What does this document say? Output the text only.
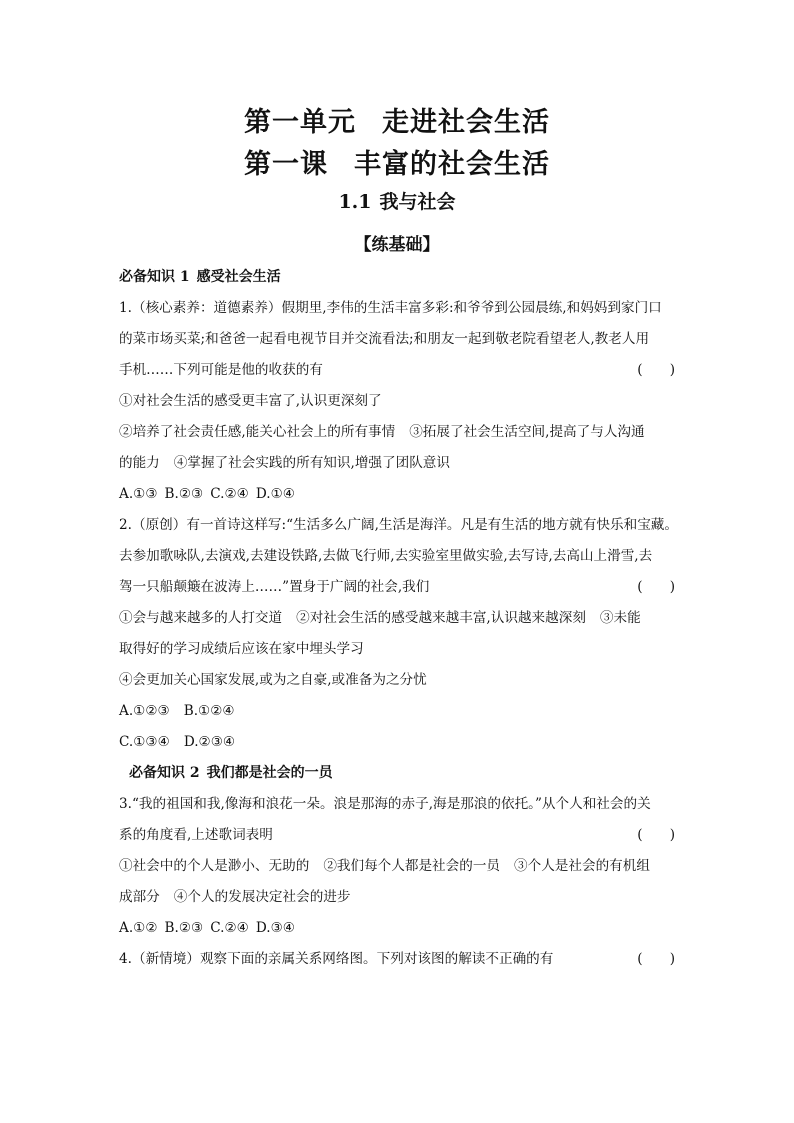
第一单元 走进社会生活
第一课 丰富的社会生活
1.1 我与社会
【练基础】
必备知识 1 感受社会生活
1.（核心素养：道德素养）假期里,李伟的生活丰富多彩:和爷爷到公园晨练,和妈妈到家门口
的菜市场买菜;和爸爸一起看电视节目并交流看法;和朋友一起到敬老院看望老人,教老人用
手机……下列可能是他的收获的有	(　　)
①对社会生活的感受更丰富了,认识更深刻了
②培养了社会责任感,能关心社会上的所有事情 ③拓展了社会生活空间,提高了与人沟通
的能力 ④掌握了社会实践的所有知识,增强了团队意识
A.①③ B.②③ C.②④ D.①④
2.（原创）有一首诗这样写:“生活多么广阔,生活是海洋。凡是有生活的地方就有快乐和宝藏。
去参加歌咏队,去演戏,去建设铁路,去做飞行师,去实验室里做实验,去写诗,去高山上滑雪,去
驾一只船颠簸在波涛上……”置身于广阔的社会,我们	(　　)
①会与越来越多的人打交道 ②对社会生活的感受越来越丰富,认识越来越深刻 ③未能
取得好的学习成绩后应该在家中埋头学习
④会更加关心国家发展,或为之自豪,或准备为之分忧
A.①②③ B.①②④
C.①③④ D.②③④
必备知识 2 我们都是社会的一员
3.“我的祖国和我,像海和浪花一朵。浪是那海的赤子,海是那浪的依托。”从个人和社会的关
系的角度看,上述歌词表明	(　　)
①社会中的个人是渺小、无助的 ②我们每个人都是社会的一员 ③个人是社会的有机组
成部分 ④个人的发展决定社会的进步
A.①② B.②③ C.②④ D.③④
4.（新情境）观察下面的亲属关系网络图。下列对该图的解读不正确的有	(　　)
